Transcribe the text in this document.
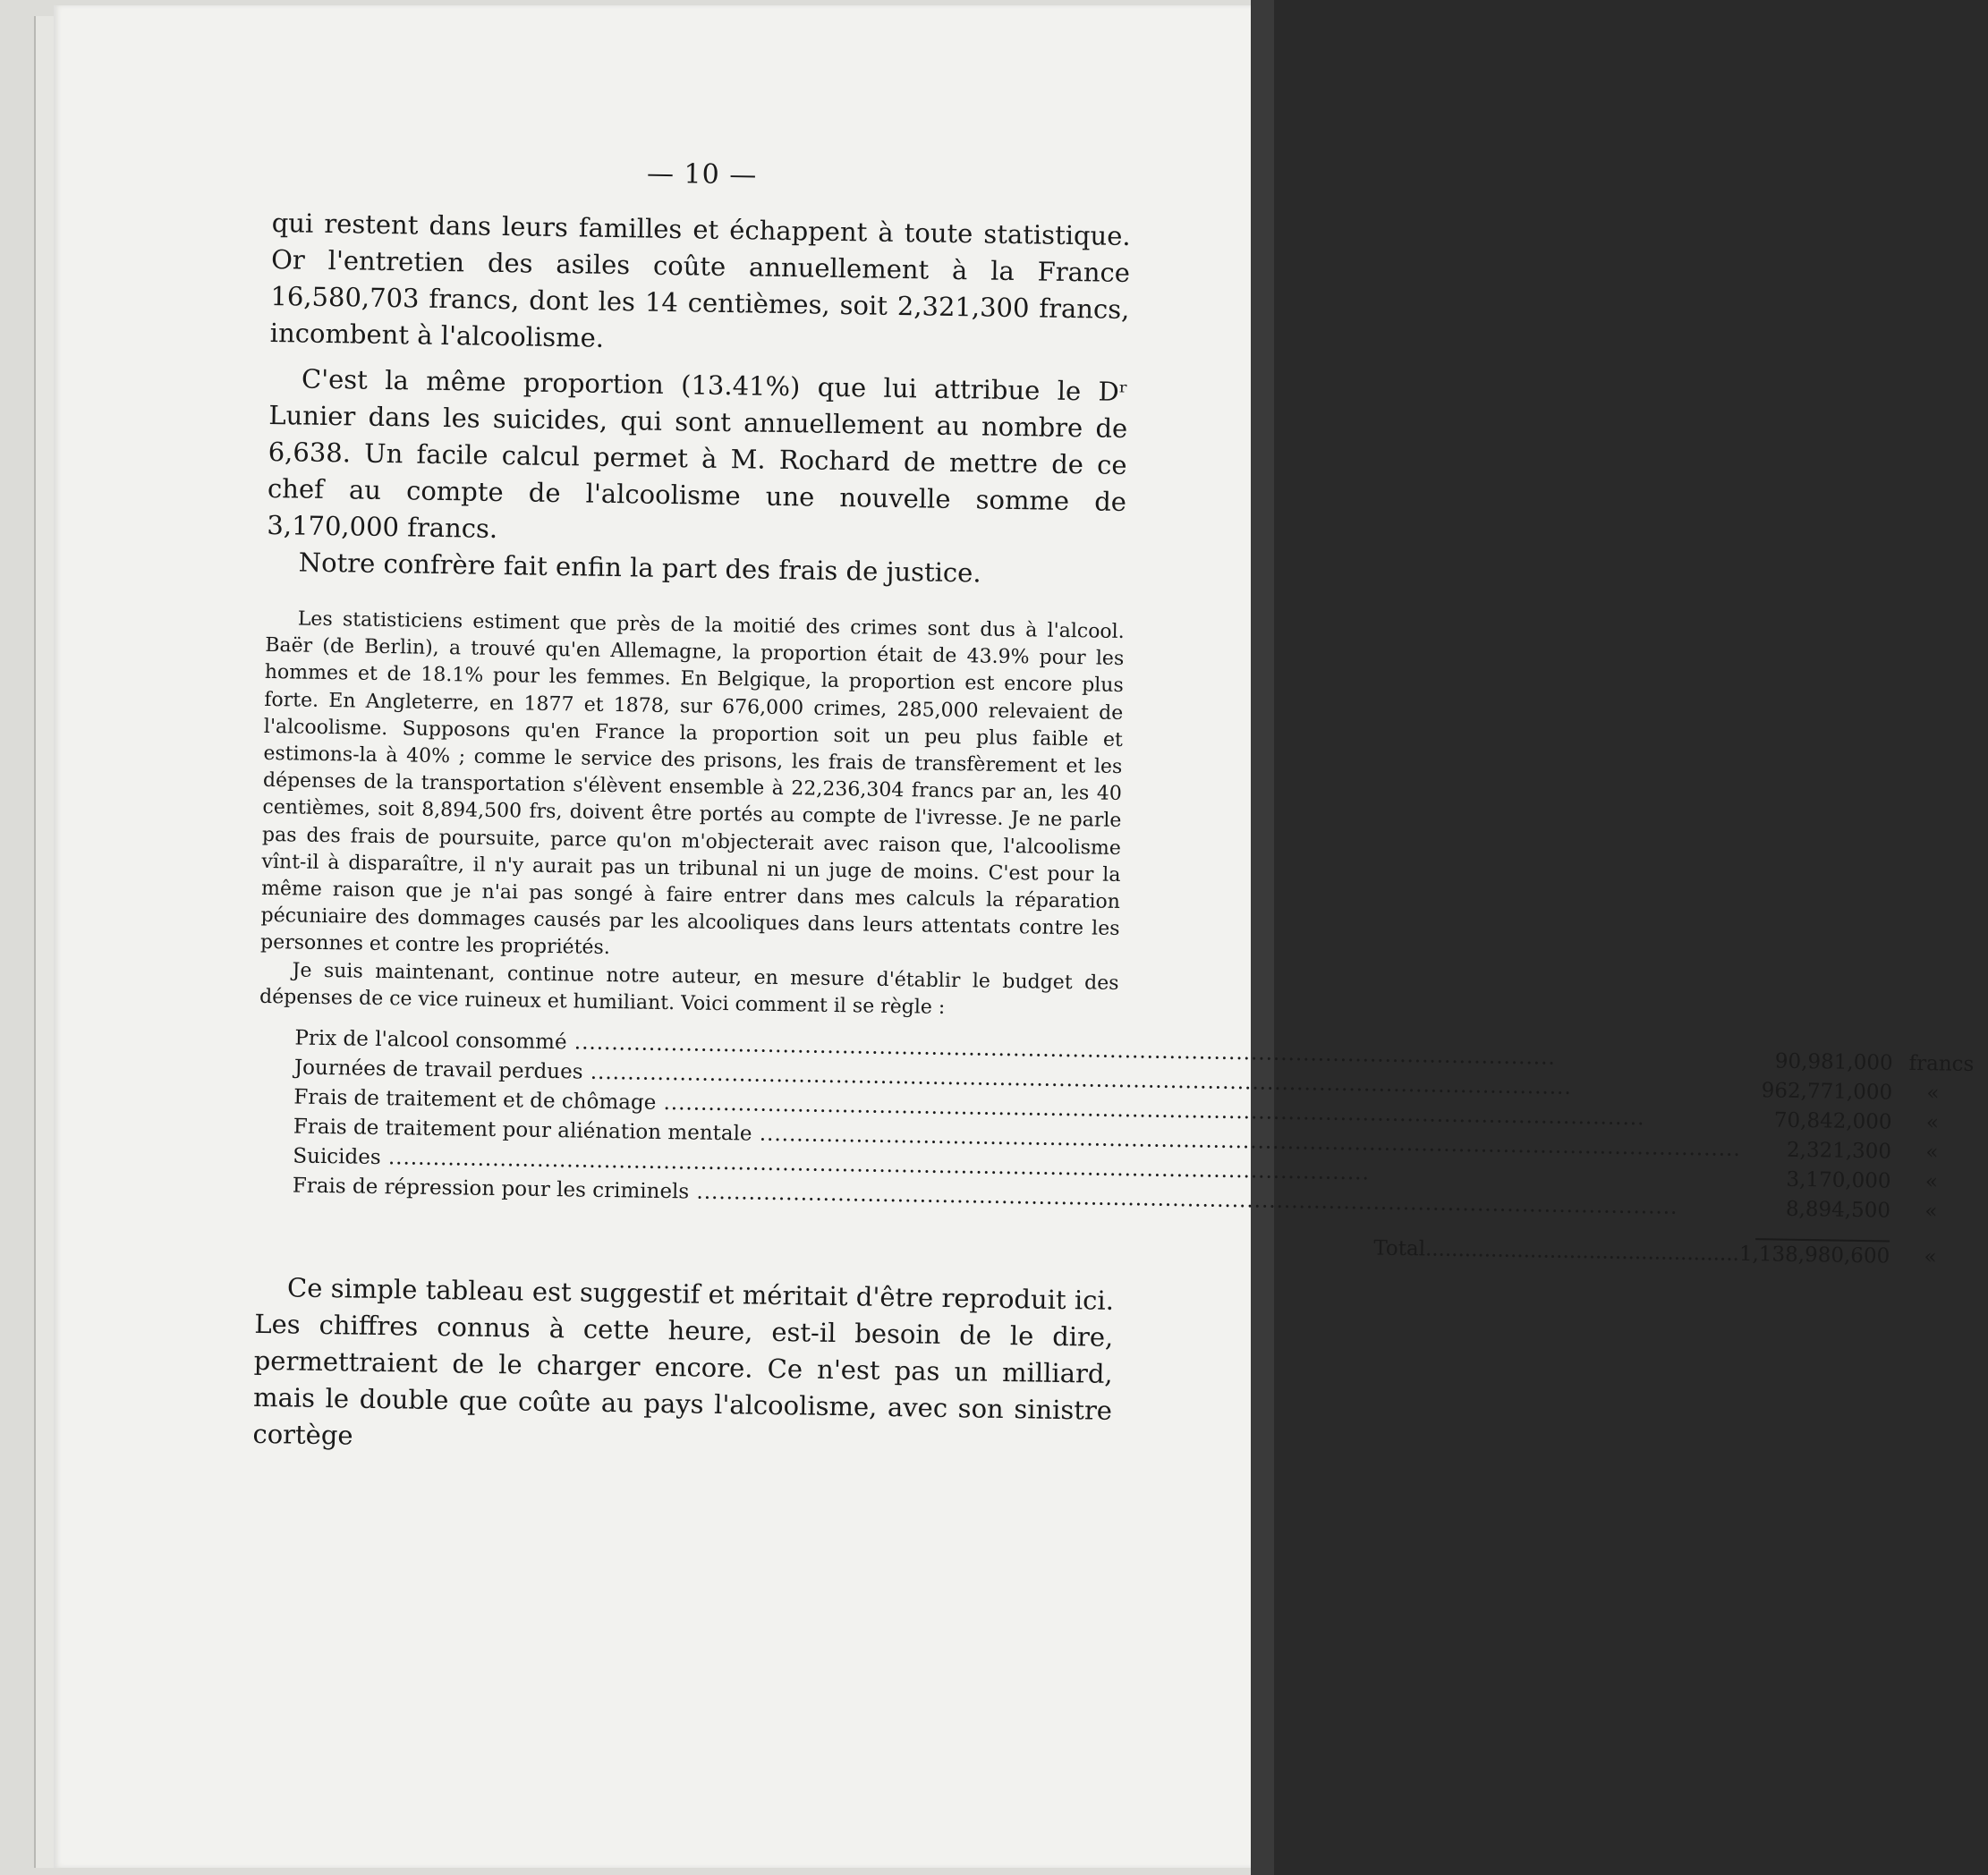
— 10 —

qui restent dans leurs familles et échappent à toute statistique. Or l'entretien des asiles coûte annuellement à la France 16,580,703 francs, dont les 14 centièmes, soit 2,321,300 francs, incombent à l'alcoolisme.

C'est la même proportion (13.41%) que lui attribue le Dʳ Lunier dans les suicides, qui sont annuellement au nombre de 6,638. Un facile calcul permet à M. Rochard de mettre de ce chef au compte de l'alcoolisme une nouvelle somme de 3,170,000 francs.

Notre confrère fait enfin la part des frais de justice.

Les statisticiens estiment que près de la moitié des crimes sont dus à l'alcool. Baër (de Berlin), a trouvé qu'en Allemagne, la proportion était de 43.9% pour les hommes et de 18.1% pour les femmes. En Belgique, la proportion est encore plus forte. En Angleterre, en 1877 et 1878, sur 676,000 crimes, 285,000 relevaient de l'alcoolisme. Supposons qu'en France la proportion soit un peu plus faible et estimons-la à 40% ; comme le service des prisons, les frais de transfèrement et les dépenses de la transportation s'élèvent ensemble à 22,236,304 francs par an, les 40 centièmes, soit 8,894,500 frs, doivent être portés au compte de l'ivresse. Je ne parle pas des frais de poursuite, parce qu'on m'objecterait avec raison que, l'alcoolisme vînt-il à disparaître, il n'y aurait pas un tribunal ni un juge de moins. C'est pour la même raison que je n'ai pas songé à faire entrer dans mes calculs la réparation pécuniaire des dommages causés par les alcooliques dans leurs attentats contre les personnes et contre les propriétés.

Je suis maintenant, continue notre auteur, en mesure d'établir le budget des dépenses de ce vice ruineux et humiliant. Voici comment il se règle :

Prix de l'alcool consommé .....	90,981,000	francs

Journées de travail perdues .....	962,771,000	«

Frais de traitement et de chômage .....	70,842,000	«

Frais de traitement pour aliénation mentale .....	2,321,300	«

Suicides .....	3,170,000	«

Frais de répression pour les criminels .....	8,894,500	«

Total .....	1,138,980,600	«

Ce simple tableau est suggestif et méritait d'être reproduit ici. Les chiffres connus à cette heure, est-il besoin de le dire, permettraient de le charger encore. Ce n'est pas un milliard, mais le double que coûte au pays l'alcoolisme, avec son sinistre cortège
